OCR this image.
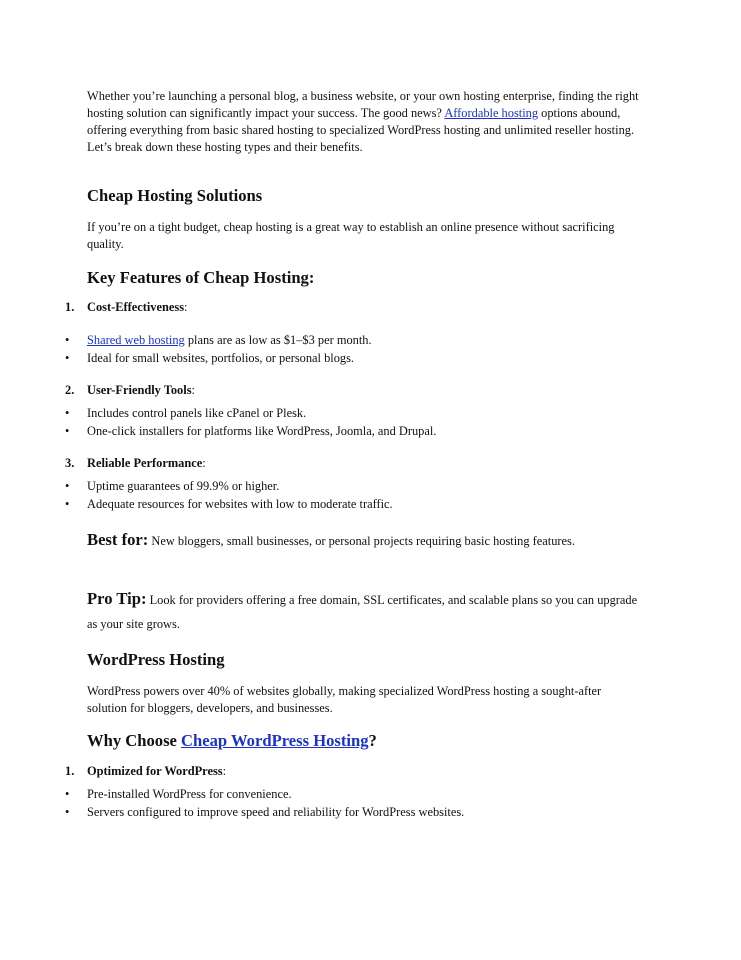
Whether you’re launching a personal blog, a business website, or your own hosting enterprise, finding the right hosting solution can significantly impact your success. The good news? Affordable hosting options abound, offering everything from basic shared hosting to specialized WordPress hosting and unlimited reseller hosting. Let’s break down these hosting types and their benefits.

Cheap Hosting Solutions

If you’re on a tight budget, cheap hosting is a great way to establish an online presence without sacrificing quality.

Key Features of Cheap Hosting:
1. Cost-Effectiveness:
•	Shared web hosting plans are as low as $1–$3 per month.
•	Ideal for small websites, portfolios, or personal blogs.
2. User-Friendly Tools:
•	Includes control panels like cPanel or Plesk.
•	One-click installers for platforms like WordPress, Joomla, and Drupal.
3. Reliable Performance:
•	Uptime guarantees of 99.9% or higher.
•	Adequate resources for websites with low to moderate traffic.
Best for: New bloggers, small businesses, or personal projects requiring basic hosting features.
Pro Tip: Look for providers offering a free domain, SSL certificates, and scalable plans so you can upgrade as your site grows.
WordPress Hosting

WordPress powers over 40% of websites globally, making specialized WordPress hosting a sought-after solution for bloggers, developers, and businesses.

Why Choose Cheap WordPress Hosting?
1. Optimized for WordPress:
•	Pre-installed WordPress for convenience.
•	Servers configured to improve speed and reliability for WordPress websites.
